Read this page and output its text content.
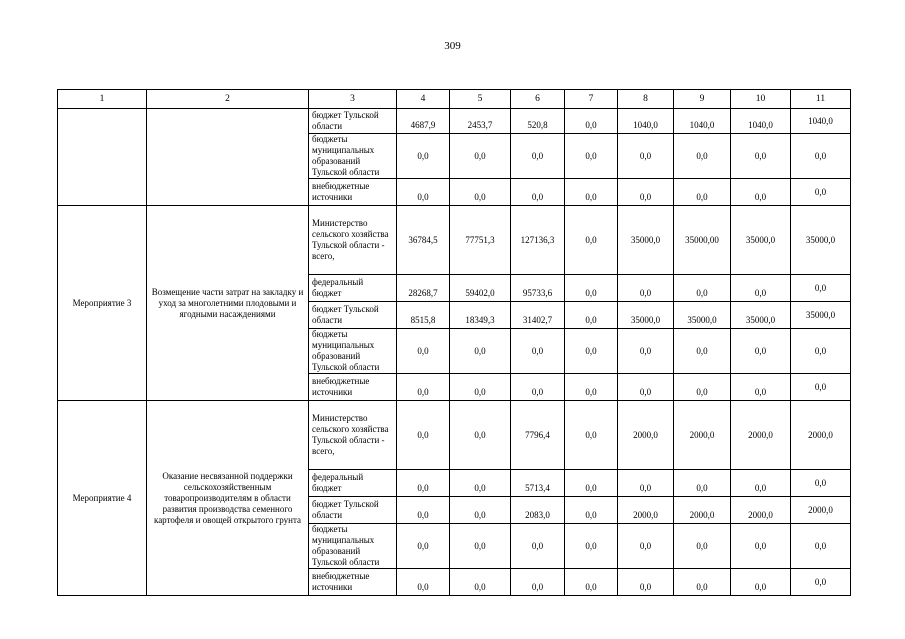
309
1	2	3	4	5	6	7	8	9	10	11
		бюджет Тульской области	4687,9	2453,7	520,8	0,0	1040,0	1040,0	1040,0	1040,0
		бюджеты муниципальных образований Тульской области	0,0	0,0	0,0	0,0	0,0	0,0	0,0	0,0
		внебюджетные источники	0,0	0,0	0,0	0,0	0,0	0,0	0,0	0,0
Мероприятие 3	Возмещение части затрат на закладку и уход за многолетними плодовыми и ягодными насаждениями	Министерство сельского хозяйства Тульской области - всего,	36784,5	77751,3	127136,3	0,0	35000,0	35000,00	35000,0	35000,0
		федеральный бюджет	28268,7	59402,0	95733,6	0,0	0,0	0,0	0,0	0,0
		бюджет Тульской области	8515,8	18349,3	31402,7	0,0	35000,0	35000,0	35000,0	35000,0
		бюджеты муниципальных образований Тульской области	0,0	0,0	0,0	0,0	0,0	0,0	0,0	0,0
		внебюджетные источники	0,0	0,0	0,0	0,0	0,0	0,0	0,0	0,0
Мероприятие 4	Оказание несвязанной поддержки сельскохозяйственным товаропроизводителям в области развития производства семенного картофеля и овощей открытого грунта	Министерство сельского хозяйства Тульской области - всего,	0,0	0,0	7796,4	0,0	2000,0	2000,0	2000,0	2000,0
		федеральный бюджет	0,0	0,0	5713,4	0,0	0,0	0,0	0,0	0,0
		бюджет Тульской области	0,0	0,0	2083,0	0,0	2000,0	2000,0	2000,0	2000,0
		бюджеты муниципальных образований Тульской области	0,0	0,0	0,0	0,0	0,0	0,0	0,0	0,0
		внебюджетные источники	0,0	0,0	0,0	0,0	0,0	0,0	0,0	0,0
